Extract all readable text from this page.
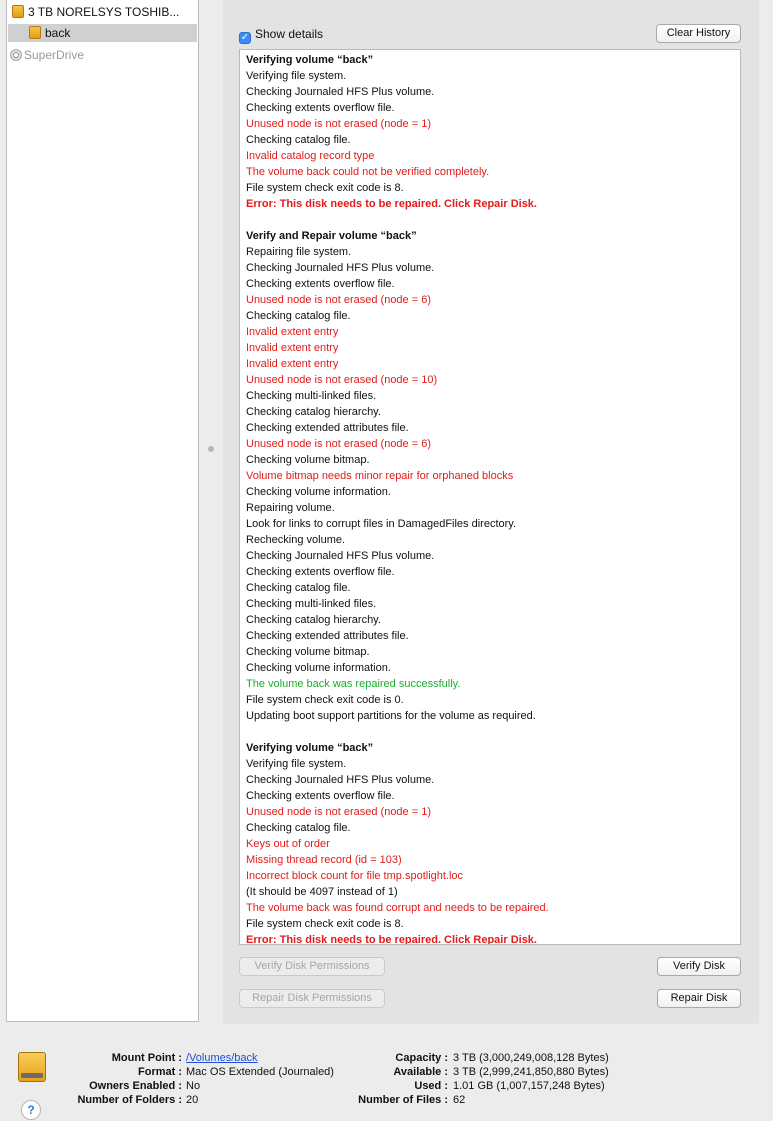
3 TB NORELSYS TOSHIB...
back
SuperDrive
✓ Show details	Clear History
Verifying volume “back”
Verifying file system.
Checking Journaled HFS Plus volume.
Checking extents overflow file.
Unused node is not erased (node = 1)
Checking catalog file.
Invalid catalog record type
The volume back could not be verified completely.
File system check exit code is 8.
Error: This disk needs to be repaired. Click Repair Disk.
Verify and Repair volume “back”
Repairing file system.
Checking Journaled HFS Plus volume.
Checking extents overflow file.
Unused node is not erased (node = 6)
Checking catalog file.
Invalid extent entry
Invalid extent entry
Invalid extent entry
Unused node is not erased (node = 10)
Checking multi-linked files.
Checking catalog hierarchy.
Checking extended attributes file.
Unused node is not erased (node = 6)
Checking volume bitmap.
Volume bitmap needs minor repair for orphaned blocks
Checking volume information.
Repairing volume.
Look for links to corrupt files in DamagedFiles directory.
Rechecking volume.
Checking Journaled HFS Plus volume.
Checking extents overflow file.
Checking catalog file.
Checking multi-linked files.
Checking catalog hierarchy.
Checking extended attributes file.
Checking volume bitmap.
Checking volume information.
The volume back was repaired successfully.
File system check exit code is 0.
Updating boot support partitions for the volume as required.
Verifying volume “back”
Verifying file system.
Checking Journaled HFS Plus volume.
Checking extents overflow file.
Unused node is not erased (node = 1)
Checking catalog file.
Keys out of order
Missing thread record (id = 103)
Incorrect block count for file tmp.spotlight.loc
(It should be 4097 instead of 1)
The volume back was found corrupt and needs to be repaired.
File system check exit code is 8.
Error: This disk needs to be repaired. Click Repair Disk.
Verify Disk Permissions
Repair Disk Permissions
Verify Disk
Repair Disk
?
Mount Point : /Volumes/back	Capacity : 3 TB (3,000,249,008,128 Bytes)
Format : Mac OS Extended (Journaled)	Available : 3 TB (2,999,241,850,880 Bytes)
Owners Enabled : No	Used : 1.01 GB (1,007,157,248 Bytes)
Number of Folders : 20	Number of Files : 62
